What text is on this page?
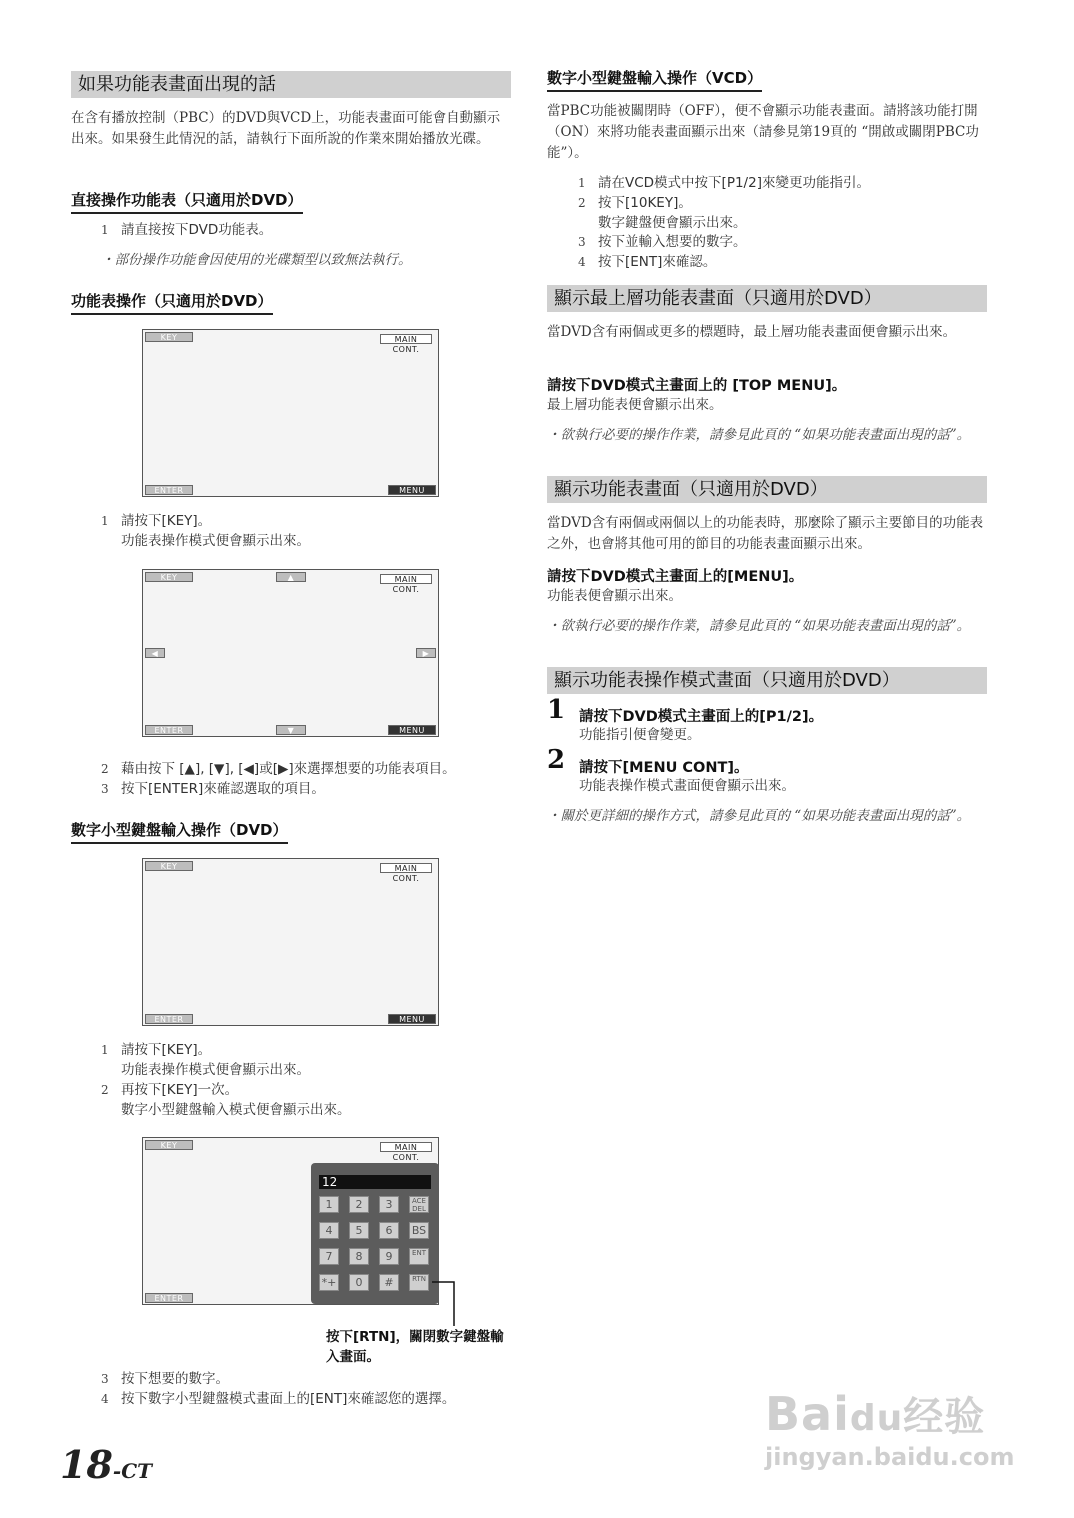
如果功能表畫面出現的話
在含有播放控制（PBC）的DVD與VCD上，功能表畫面可能會自動顯示出來。如果發生此情況的話，請執行下面所說的作業來開始播放光碟。
直接操作功能表（只適用於DVD）
1 請直接按下DVD功能表。
・部份操作功能會因使用的光碟類型以致無法執行。
功能表操作（只適用於DVD）
KEY	MAIN CONT.
ENTER	MENU RTN
1 請按下[KEY]。
功能表操作模式便會顯示出來。
KEY	▲	MAIN CONT.
◀	▶
ENTER	▼	MENU RTN
2 藉由按下 [▲], [▼], [◀]或[▶]來選擇想要的功能表項目。
3 按下[ENTER]來確認選取的項目。
數字小型鍵盤輸入操作（DVD）
KEY	MAIN CONT.
ENTER	MENU RTN
1 請按下[KEY]。
功能表操作模式便會顯示出來。
2 再按下[KEY]一次。
數字小型鍵盤輸入模式便會顯示出來。
KEY	MAIN CONT.
ENTER
12
1	2	3	ACE DEL
4	5	6	BS
7	8	9	ENT
*+	0	#	RTN
按下[RTN]，關閉數字鍵盤輸
入畫面。
3 按下想要的數字。
4 按下數字小型鍵盤模式畫面上的[ENT]來確認您的選擇。
18-CT
數字小型鍵盤輸入操作（VCD）
當PBC功能被關閉時（OFF），便不會顯示功能表畫面。請將該功能打開（ON）來將功能表畫面顯示出來（請參見第19頁的 “開啟或關閉PBC功能”）。
1 請在VCD模式中按下[P1/2]來變更功能指引。
2 按下[10KEY]。
數字鍵盤便會顯示出來。
3 按下並輸入想要的數字。
4 按下[ENT]來確認。
顯示最上層功能表畫面（只適用於DVD）
當DVD含有兩個或更多的標題時，最上層功能表畫面便會顯示出來。
請按下DVD模式主畫面上的 [TOP MENU]。
最上層功能表便會顯示出來。
・欲執行必要的操作作業，請參見此頁的 “如果功能表畫面出現的話”。
顯示功能表畫面（只適用於DVD）
當DVD含有兩個或兩個以上的功能表時，那麼除了顯示主要節目的功能表之外，也會將其他可用的節目的功能表畫面顯示出來。
請按下DVD模式主畫面上的[MENU]。
功能表便會顯示出來。
・欲執行必要的操作作業，請參見此頁的 “如果功能表畫面出現的話”。
顯示功能表操作模式畫面（只適用於DVD）
1 請按下DVD模式主畫面上的[P1/2]。
功能指引便會變更。
2 請按下[MENU CONT]。
功能表操作模式畫面便會顯示出來。
・關於更詳細的操作方式，請參見此頁的 “如果功能表畫面出現的話”。
Baidu经验
jingyan.baidu.com
